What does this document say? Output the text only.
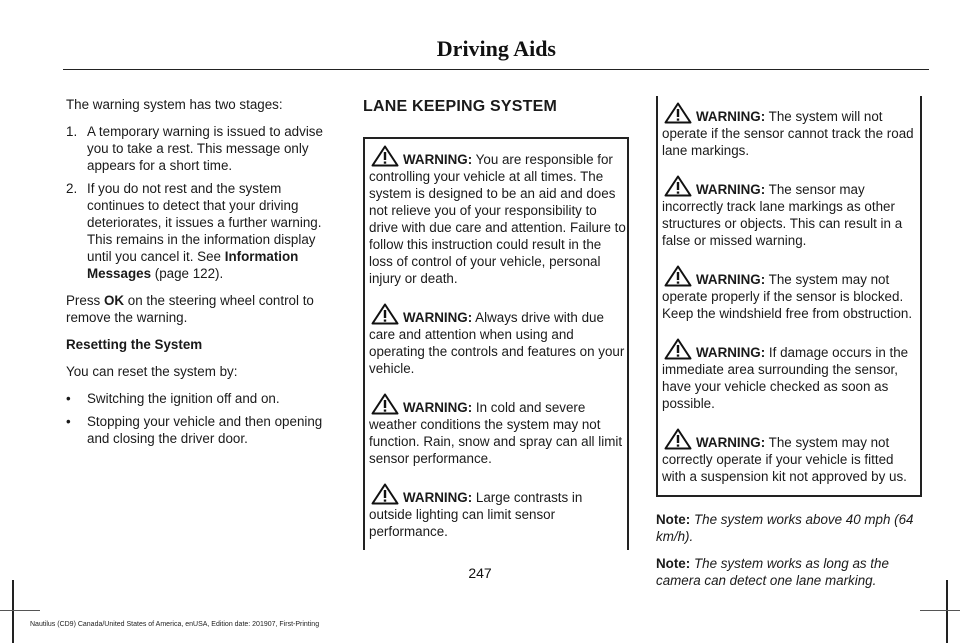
Driving Aids

The warning system has two stages:

1. A temporary warning is issued to advise you to take a rest. This message only appears for a short time.
2. If you do not rest and the system continues to detect that your driving deteriorates, it issues a further warning. This remains in the information display until you cancel it. See Information Messages (page 122).

Press OK on the steering wheel control to remove the warning.

Resetting the System

You can reset the system by:

• Switching the ignition off and on.
• Stopping your vehicle and then opening and closing the driver door.
LANE KEEPING SYSTEM

WARNING: You are responsible for controlling your vehicle at all times. The system is designed to be an aid and does not relieve you of your responsibility to drive with due care and attention. Failure to follow this instruction could result in the loss of control of your vehicle, personal injury or death.

WARNING: Always drive with due care and attention when using and operating the controls and features on your vehicle.

WARNING: In cold and severe weather conditions the system may not function. Rain, snow and spray can all limit sensor performance.

WARNING: Large contrasts in outside lighting can limit sensor performance.

WARNING: The system will not operate if the sensor cannot track the road lane markings.

WARNING: The sensor may incorrectly track lane markings as other structures or objects. This can result in a false or missed warning.

WARNING: The system may not operate properly if the sensor is blocked. Keep the windshield free from obstruction.

WARNING: If damage occurs in the immediate area surrounding the sensor, have your vehicle checked as soon as possible.

WARNING: The system may not correctly operate if your vehicle is fitted with a suspension kit not approved by us.

Note: The system works above 40 mph (64 km/h).

Note: The system works as long as the camera can detect one lane marking.

247
Nautilus (CD9) Canada/United States of America, enUSA, Edition date: 201907, First-Printing
